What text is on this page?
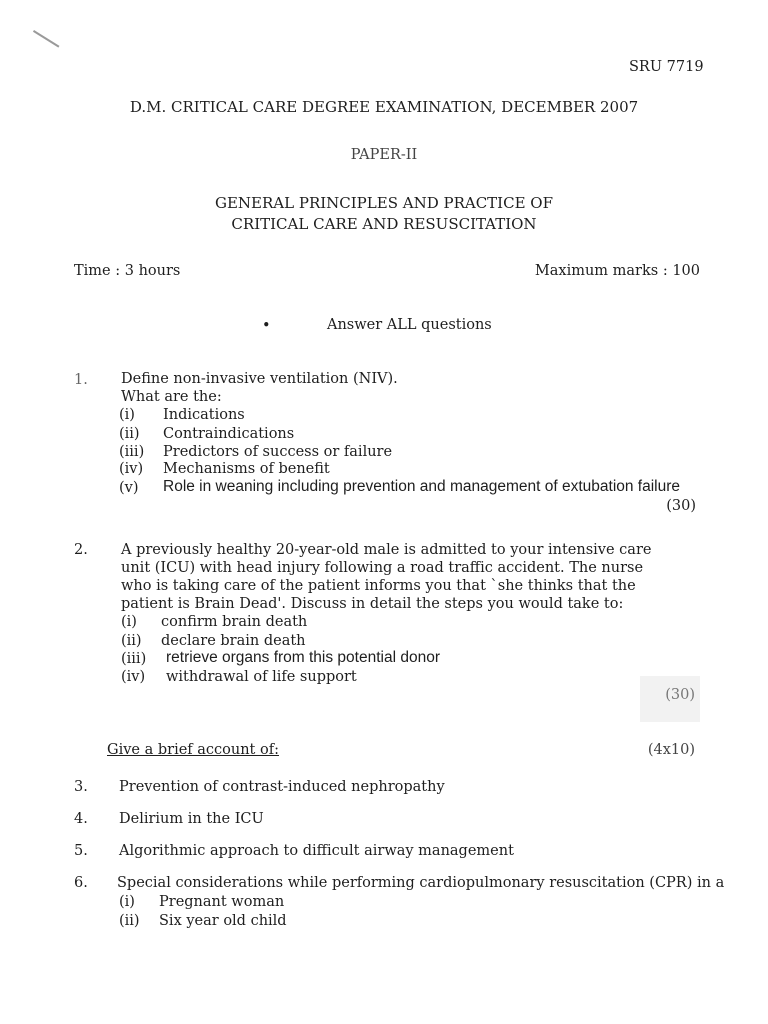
SRU 7719
D.M. CRITICAL CARE DEGREE EXAMINATION, DECEMBER 2007
PAPER-II
GENERAL PRINCIPLES AND PRACTICE OF
CRITICAL CARE AND RESUSCITATION
Time : 3 hours	Maximum marks : 100
•	Answer ALL questions
1. Define non-invasive ventilation (NIV).
What are the:
(i) Indications
(ii) Contraindications
(iii) Predictors of success or failure
(iv) Mechanisms of benefit
(v) Role in weaning including prevention and management of extubation failure
(30)
2. A previously healthy 20-year-old male is admitted to your intensive care
unit (ICU) with head injury following a road traffic accident. The nurse
who is taking care of the patient informs you that `she thinks that the
patient is Brain Dead'. Discuss in detail the steps you would take to:
(i) confirm brain death
(ii) declare brain death
(iii) retrieve organs from this potential donor
(iv) withdrawal of life support
(30)
Give a brief account of:	(4x10)
3. Prevention of contrast-induced nephropathy
4. Delirium in the ICU
5. Algorithmic approach to difficult airway management
6. Special considerations while performing cardiopulmonary resuscitation (CPR) in a
(i) Pregnant woman
(ii) Six year old child
